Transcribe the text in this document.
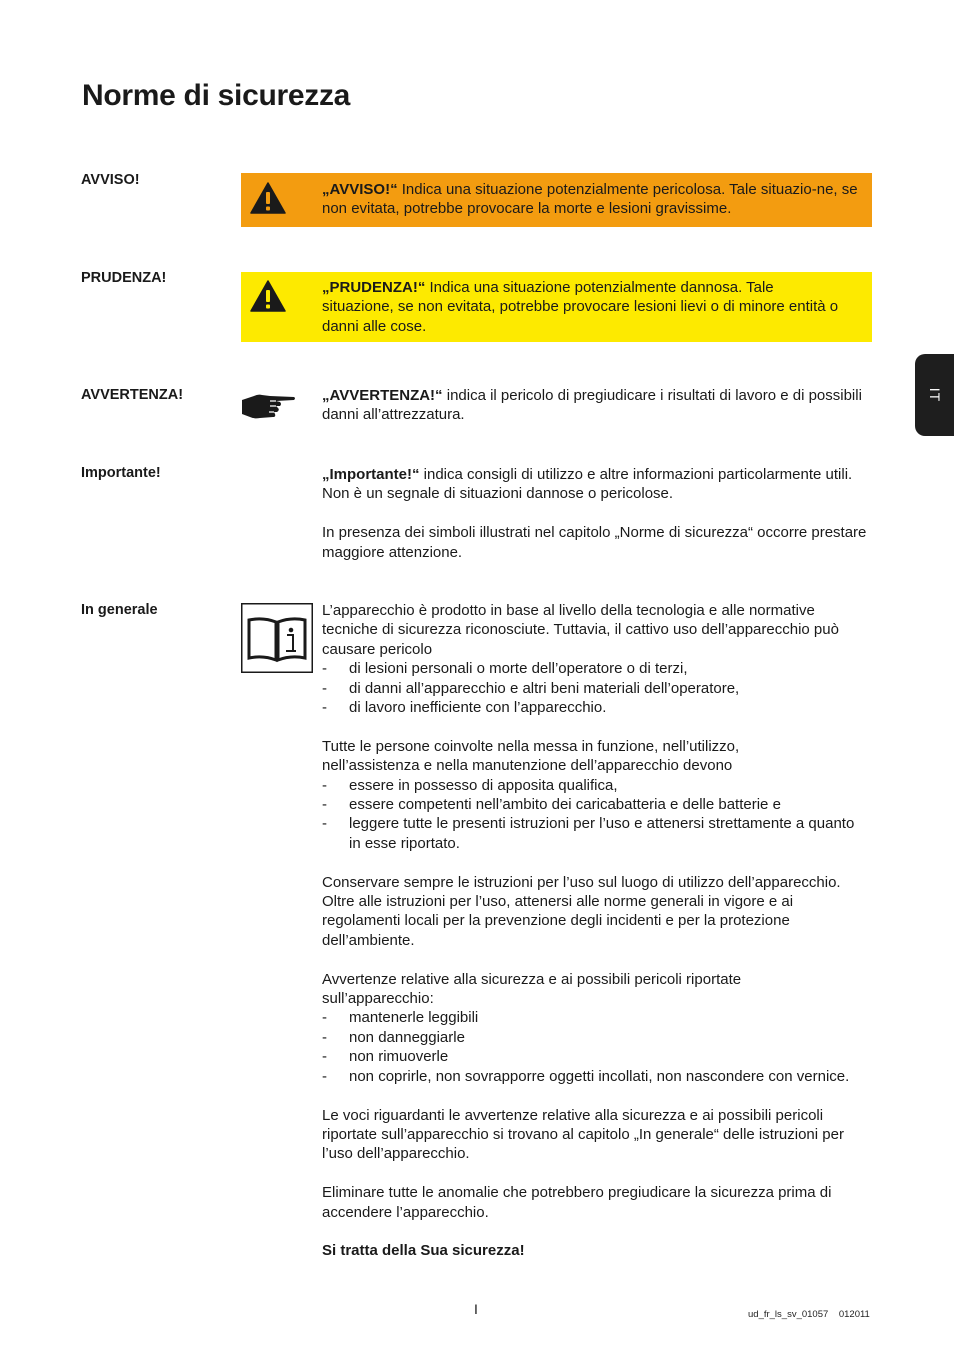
Norme di sicurezza
IT
AVVISO!

„AVVISO!“ Indica una situazione potenzialmente pericolosa. Tale situazio-ne, se non evitata, potrebbe provocare la morte e lesioni gravissime.

PRUDENZA!

„PRUDENZA!“ Indica una situazione potenzialmente dannosa. Tale situazione, se non evitata, potrebbe provocare lesioni lievi o di minore entità o danni alle cose.

AVVERTENZA!	„AVVERTENZA!“ indica il pericolo di pregiudicare i risultati di lavoro e di possibili danni all’attrezzatura.

Importante!	„Importante!“ indica consigli di utilizzo e altre informazioni particolarmente utili. Non è un segnale di situazioni dannose o pericolose.
In presenza dei simboli illustrati nel capitolo „Norme di sicurezza“ occorre prestare maggiore attenzione.
In generale	L’apparecchio è prodotto in base al livello della tecnologia e alle normative tecniche di sicurezza riconosciute. Tuttavia, il cattivo uso dell’apparecchio può causare pericolo
- di lesioni personali o morte dell’operatore o di terzi,
- di danni all’apparecchio e altri beni materiali dell’operatore,
- di lavoro inefficiente con l’apparecchio.
Tutte le persone coinvolte nella messa in funzione, nell’utilizzo, nell’assistenza e nella manutenzione dell’apparecchio devono
- essere in possesso di apposita qualifica,
- essere competenti nell’ambito dei caricabatteria e delle batterie e
- leggere tutte le presenti istruzioni per l’uso e attenersi strettamente a quanto in esse riportato.
Conservare sempre le istruzioni per l’uso sul luogo di utilizzo dell’apparecchio. Oltre alle istruzioni per l’uso, attenersi alle norme generali in vigore e ai regolamenti locali per la prevenzione degli incidenti e per la protezione dell’ambiente.
Avvertenze relative alla sicurezza e ai possibili pericoli riportate sull’apparecchio:
- mantenerle leggibili
- non danneggiarle
- non rimuoverle
- non coprirle, non sovrapporre oggetti incollati, non nascondere con vernice.
Le voci riguardanti le avvertenze relative alla sicurezza e ai possibili pericoli riportate sull’apparecchio si trovano al capitolo „In generale“ delle istruzioni per l’uso dell’apparecchio.
Eliminare tutte le anomalie che potrebbero pregiudicare la sicurezza prima di accendere l’apparecchio.
Si tratta della Sua sicurezza!
I	ud_fr_ls_sv_01057    012011
